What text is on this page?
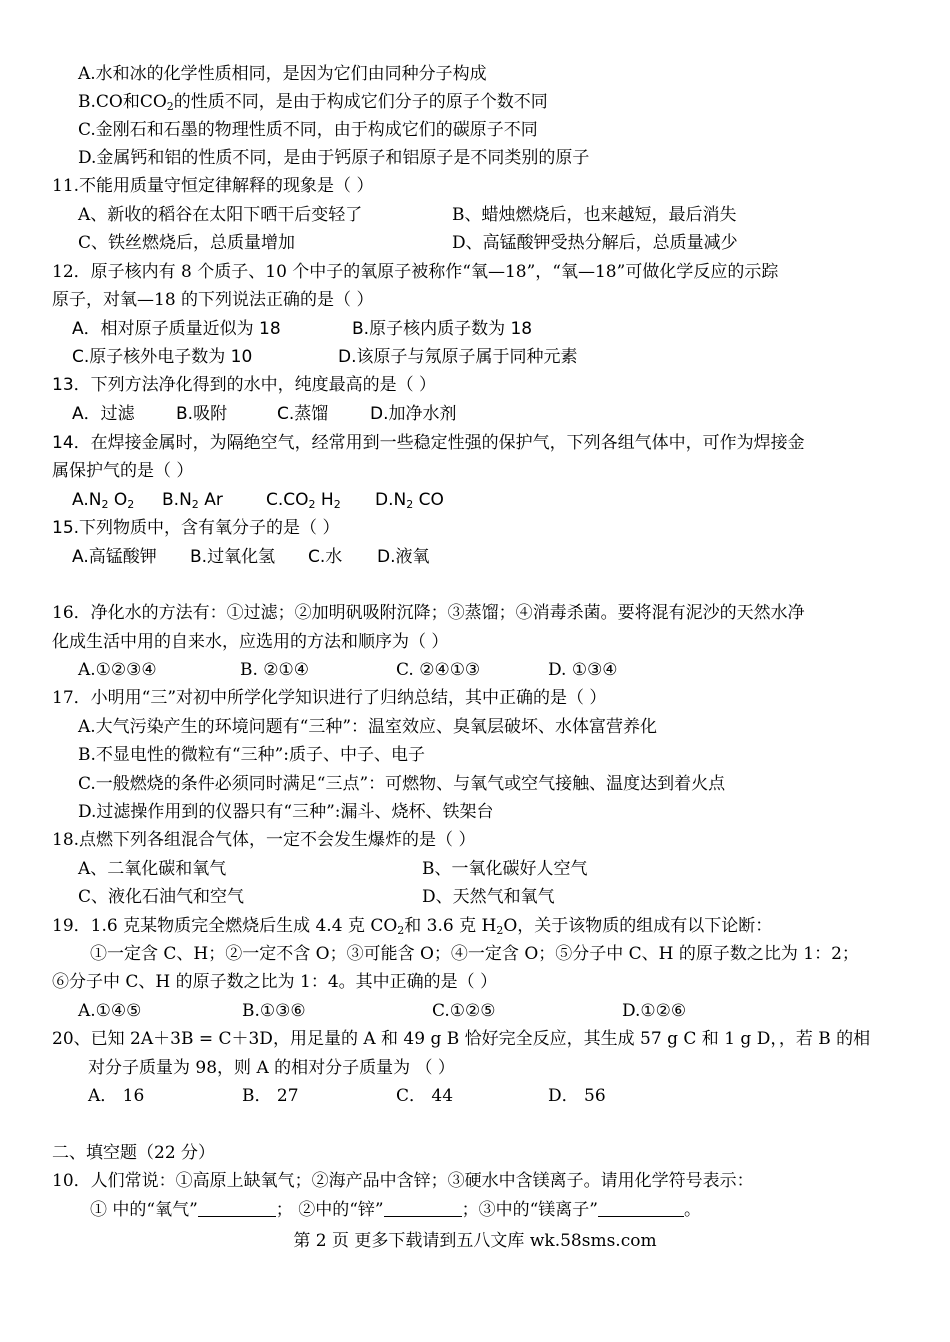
A.水和冰的化学性质相同，是因为它们由同种分子构成
B.CO和$CO_2$的性质不同，是由于构成它们分子的原子个数不同
C.金刚石和石墨的物理性质不同，由于构成它们的碳原子不同
D.金属钙和铝的性质不同，是由于钙原子和铝原子是不同类别的原子
11.不能用质量守恒定律解释的现象是（ ）
A、新收的稻谷在太阳下晒干后变轻了	B、蜡烛燃烧后，也来越短，最后消失
C、铁丝燃烧后，总质量增加	D、高锰酸钾受热分解后，总质量减少
12．原子核内有 8 个质子、10 个中子的氧原子被称作“氧—18”，“氧—18”可做化学反应的示踪
原子，对氧—18 的下列说法正确的是（ ）
A．相对原子质量近似为 18	B.原子核内质子数为 18
C.原子核外电子数为 10	D.该原子与氖原子属于同种元素
13．下列方法净化得到的水中，纯度最高的是（ ）
A．过滤 B.吸附	C.蒸馏 D.加净水剂
14．在焊接金属时，为隔绝空气，经常用到一些稳定性强的保护气，下列各组气体中，可作为焊接金
属保护气的是（ ）
$A.N_2$ $O_2$ $B.N_2$ Ar	$C.CO_2$ $H_2$ $D.N_2$ CO
15.下列物质中，含有氧分子的是（ ）
A.高锰酸钾 B.过氧化氢 C.水 D.液氧
16．净化水的方法有：①过滤；②加明矾吸附沉降；③蒸馏；④消毒杀菌。要将混有泥沙的天然水净
化成生活中用的自来水，应选用的方法和顺序为（ ）
A.①②③④	B. ②①④	C. ②④①③	D. ①③④
17．小明用“三”对初中所学化学知识进行了归纳总结，其中正确的是（ ）
A.大气污染产生的环境问题有“三种”：温室效应、臭氧层破坏、水体富营养化
B.不显电性的微粒有“三种”:质子、中子、电子
C.一般燃烧的条件必须同时满足“三点”：可燃物、与氧气或空气接触、温度达到着火点
D.过滤操作用到的仪器只有“三种”:漏斗、烧杯、铁架台
18.点燃下列各组混合气体，一定不会发生爆炸的是（ ）
A、二氧化碳和氧气	B、一氧化碳好人空气
C、液化石油气和空气	D、天然气和氧气
19．1.6 克某物质完全燃烧后生成 4.4 克 $CO_2$和 3.6 克 $H_2O$，关于该物质的组成有以下论断：
①一定含 C、H；②一定不含 O；③可能含 O；④一定含 O；⑤分子中 C、H 的原子数之比为 1：2；
⑥分子中 C、H 的原子数之比为 1：4。其中正确的是（ ）
A.①④⑤	B.①③⑥	C.①②⑤	D.①②⑥
20、已知 2A＋3B = C＋3D，用足量的 A 和 49 g B 恰好完全反应，其生成 57 g C 和 1 g D，，若 B 的相
对分子质量为 98，则 A 的相对分子质量为 （ ）
A． 16	B． 27	C． 44	D． 56
二、填空题（22 分）
10．人们常说：①高原上缺氧气；②海产品中含锌；③硬水中含镁离子。请用化学符号表示：
① 中的“氧气”	； ②中的“锌”	；③中的“镁离子”	。
第 2 页 更多下载请到五八文库 wk.58sms.com
